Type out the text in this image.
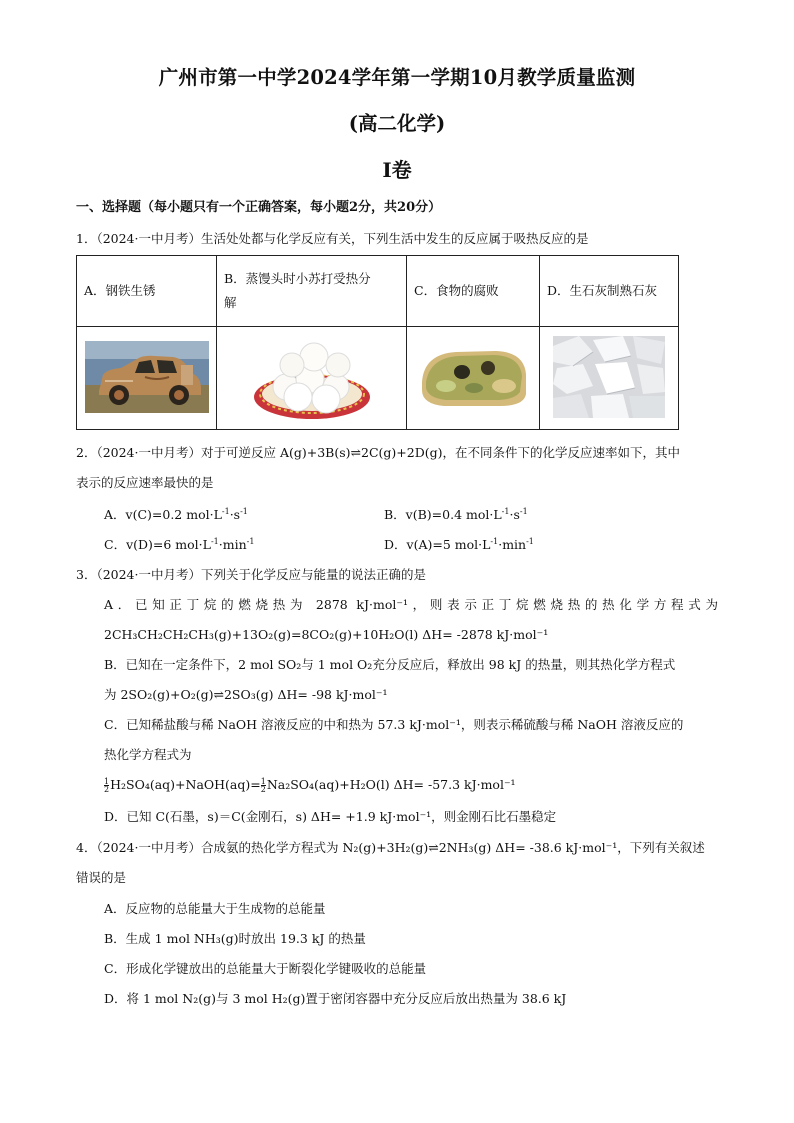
广州市第一中学2024学年第一学期10月教学质量监测
(高二化学)
I卷
一、选择题（每小题只有一个正确答案，每小题2分，共20分）
1．（2024·一中月考）生活处处都与化学反应有关，下列生活中发生的反应属于吸热反应的是
A．钢铁生锈	B．蒸馒头时小苏打受热分
解	C．食物的腐败	D．生石灰制熟石灰

2．（2024·一中月考）对于可逆反应 A(g)+3B(s)⇌2C(g)+2D(g)，在不同条件下的化学反应速率如下，其中
表示的反应速率最快的是
A．v(C)=0.2 $mol\cdot L^{-1}\cdot s^{-1}$	B．v(B)=0.4 $mol\cdot L^{-1}\cdot s^{-1}$
C．v(D)=6 $mol\cdot L^{-1}\cdot\min^{-1}$	D．v(A)=5 $mol\cdot L^{-1}\cdot\min^{-1}$
3．（2024·一中月考）下列关于化学反应与能量的说法正确的是
A．已知正丁烷的燃烧热为 2878 kJ·mol⁻¹，则表示正丁烷燃烧热的热化学方程式为
2CH₃CH₂CH₂CH₃(g)+13O₂(g)=8CO₂(g)+10H₂O(l) ΔH= -2878 kJ·mol⁻¹
B．已知在一定条件下，2 mol SO₂与 1 mol O₂充分反应后，释放出 98 kJ 的热量，则其热化学方程式
为 2SO₂(g)+O₂(g)⇌2SO₃(g) ΔH= -98 kJ·mol⁻¹
C．已知稀盐酸与稀 NaOH 溶液反应的中和热为 57.3 kJ·mol⁻¹，则表示稀硫酸与稀 NaOH 溶液反应的
热化学方程式为
$\frac{1}{2}$ H₂SO₄(aq)+NaOH(aq)= $\frac{1}{2} Na_2SO_4(aq)+H_2O(l)$ ΔH= -57.3 kJ·mol⁻¹
D．已知 C(石墨，s)＝C(金刚石，s) ΔH= +1.9 kJ·mol⁻¹，则金刚石比石墨稳定
4．（2024·一中月考）合成氨的热化学方程式为 N₂(g)+3H₂(g)⇌2NH₃(g) ΔH= -38.6 kJ·mol⁻¹，下列有关叙述
错误的是
A．反应物的总能量大于生成物的总能量
B．生成 1 mol NH₃(g)时放出 19.3 kJ 的热量
C．形成化学键放出的总能量大于断裂化学键吸收的总能量
D．将 1 mol N₂(g)与 3 mol H₂(g)置于密闭容器中充分反应后放出热量为 38.6 kJ
